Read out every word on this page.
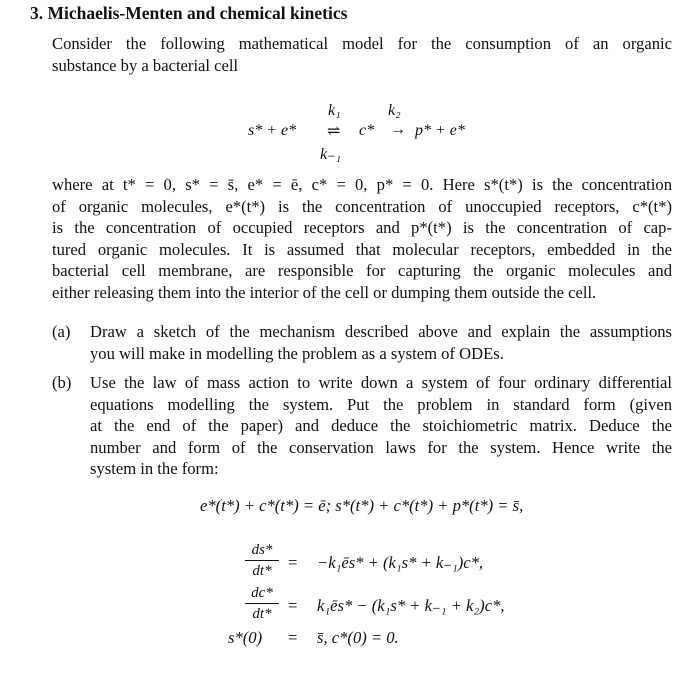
3. Michaelis-Menten and chemical kinetics
Consider the following mathematical model for the consumption of an organic
substance by a bacterial cell
k₁	k₂
s* + e* ⇌ c* → p* + e*
k₋₁
where at t* = 0, s* = s̄, e* = ē, c* = 0, p* = 0. Here s*(t*) is the concentration
of organic molecules, e*(t*) is the concentration of unoccupied receptors, c*(t*)
is the concentration of occupied receptors and p*(t*) is the concentration of cap-
tured organic molecules. It is assumed that molecular receptors, embedded in the
bacterial cell membrane, are responsible for capturing the organic molecules and
either releasing them into the interior of the cell or dumping them outside the cell.
(a) Draw a sketch of the mechanism described above and explain the assumptions
you will make in modelling the problem as a system of ODEs.
(b) Use the law of mass action to write down a system of four ordinary differential
equations modelling the system. Put the problem in standard form (given
at the end of the paper) and deduce the stoichiometric matrix. Deduce the
number and form of the conservation laws for the system. Hence write the
system in the form:
e*(t*) + c*(t*) = ē; s*(t*) + c*(t*) + p*(t*) = s̄,
$\frac{ds*}{dt*}$ = −k₁ēs* + (k₁s* + k₋₁)c*,
$\frac{dc*}{dt*}$ = k₁ēs* − (k₁s* + k₋₁ + k₂)c*,
s*(0) = s̄, c*(0) = 0.
